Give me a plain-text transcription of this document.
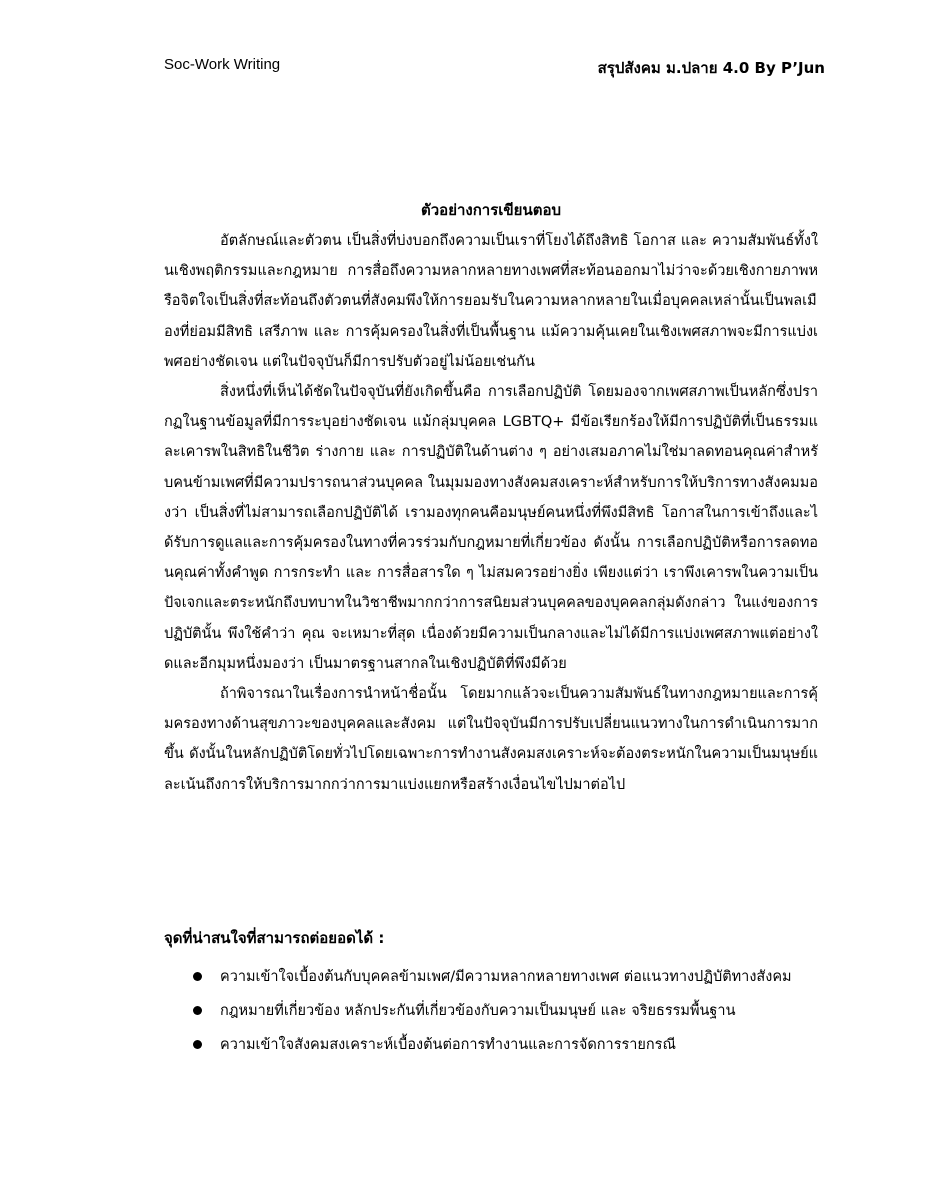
Soc-Work Writing	สรุปสังคม ม.ปลาย 4.0 By P’Jun
ตัวอย่างการเขียนตอบ

อัตลักษณ์และตัวตน เป็นสิ่งที่บ่งบอกถึงความเป็นเราที่โยงได้ถึงสิทธิ โอกาส และ ความสัมพันธ์ทั้งในเชิงพฤติกรรมและกฎหมาย การสื่อถึงความหลากหลายทางเพศที่สะท้อนออกมาไม่ว่าจะด้วยเชิงกายภาพหรือจิตใจเป็นสิ่งที่สะท้อนถึงตัวตนที่สังคมพึงให้การยอมรับในความหลากหลายในเมื่อบุคคลเหล่านั้นเป็นพลเมืองที่ย่อมมีสิทธิ เสรีภาพ และ การคุ้มครองในสิ่งที่เป็นพื้นฐาน แม้ความคุ้นเคยในเชิงเพศสภาพจะมีการแบ่งเพศอย่างชัดเจน แต่ในปัจจุบันก็มีการปรับตัวอยู่ไม่น้อยเช่นกัน

สิ่งหนึ่งที่เห็นได้ชัดในปัจจุบันที่ยังเกิดขึ้นคือ การเลือกปฏิบัติ โดยมองจากเพศสภาพเป็นหลักซึ่งปรากฏในฐานข้อมูลที่มีการระบุอย่างชัดเจน แม้กลุ่มบุคคล LGBTQ+ มีข้อเรียกร้องให้มีการปฏิบัติที่เป็นธรรมและเคารพในสิทธิในชีวิต ร่างกาย และ การปฏิบัติในด้านต่าง ๆ อย่างเสมอภาคไม่ใช่มาลดทอนคุณค่าสำหรับคนข้ามเพศที่มีความปรารถนาส่วนบุคคล ในมุมมองทางสังคมสงเคราะห์สำหรับการให้บริการทางสังคมมองว่า เป็นสิ่งที่ไม่สามารถเลือกปฏิบัติได้ เรามองทุกคนคือมนุษย์คนหนึ่งที่พึงมีสิทธิ โอกาสในการเข้าถึงและได้รับการดูแลและการคุ้มครองในทางที่ควรร่วมกับกฎหมายที่เกี่ยวข้อง ดังนั้น การเลือกปฏิบัติหรือการลดทอนคุณค่าทั้งคำพูด การกระทำ และ การสื่อสารใด ๆ ไม่สมควรอย่างยิ่ง เพียงแต่ว่า เราพึงเคารพในความเป็นปัจเจกและตระหนักถึงบทบาทในวิชาชีพมากกว่าการสนิยมส่วนบุคคลของบุคคลกลุ่มดังกล่าว ในแง่ของการปฏิบัตินั้น พึงใช้คำว่า คุณ จะเหมาะที่สุด เนื่องด้วยมีความเป็นกลางและไม่ได้มีการแบ่งเพศสภาพแต่อย่างใดและอีกมุมหนึ่งมองว่า เป็นมาตรฐานสากลในเชิงปฏิบัติที่พึงมีด้วย

ถ้าพิจารณาในเรื่องการนำหน้าชื่อนั้น โดยมากแล้วจะเป็นความสัมพันธ์ในทางกฎหมายและการคุ้มครองทางด้านสุขภาวะของบุคคลและสังคม แต่ในปัจจุบันมีการปรับเปลี่ยนแนวทางในการดำเนินการมากขึ้น ดังนั้นในหลักปฏิบัติโดยทั่วไปโดยเฉพาะการทำงานสังคมสงเคราะห์จะต้องตระหนักในความเป็นมนุษย์และเน้นถึงการให้บริการมากกว่าการมาแบ่งแยกหรือสร้างเงื่อนไขไปมาต่อไป

จุดที่น่าสนใจที่สามารถต่อยอดได้ :
ความเข้าใจเบื้องต้นกับบุคคลข้ามเพศ/มีความหลากหลายทางเพศ ต่อแนวทางปฏิบัติทางสังคม
กฎหมายที่เกี่ยวข้อง หลักประกันที่เกี่ยวข้องกับความเป็นมนุษย์ และ จริยธรรมพื้นฐาน
ความเข้าใจสังคมสงเคราะห์เบื้องต้นต่อการทำงานและการจัดการรายกรณี
